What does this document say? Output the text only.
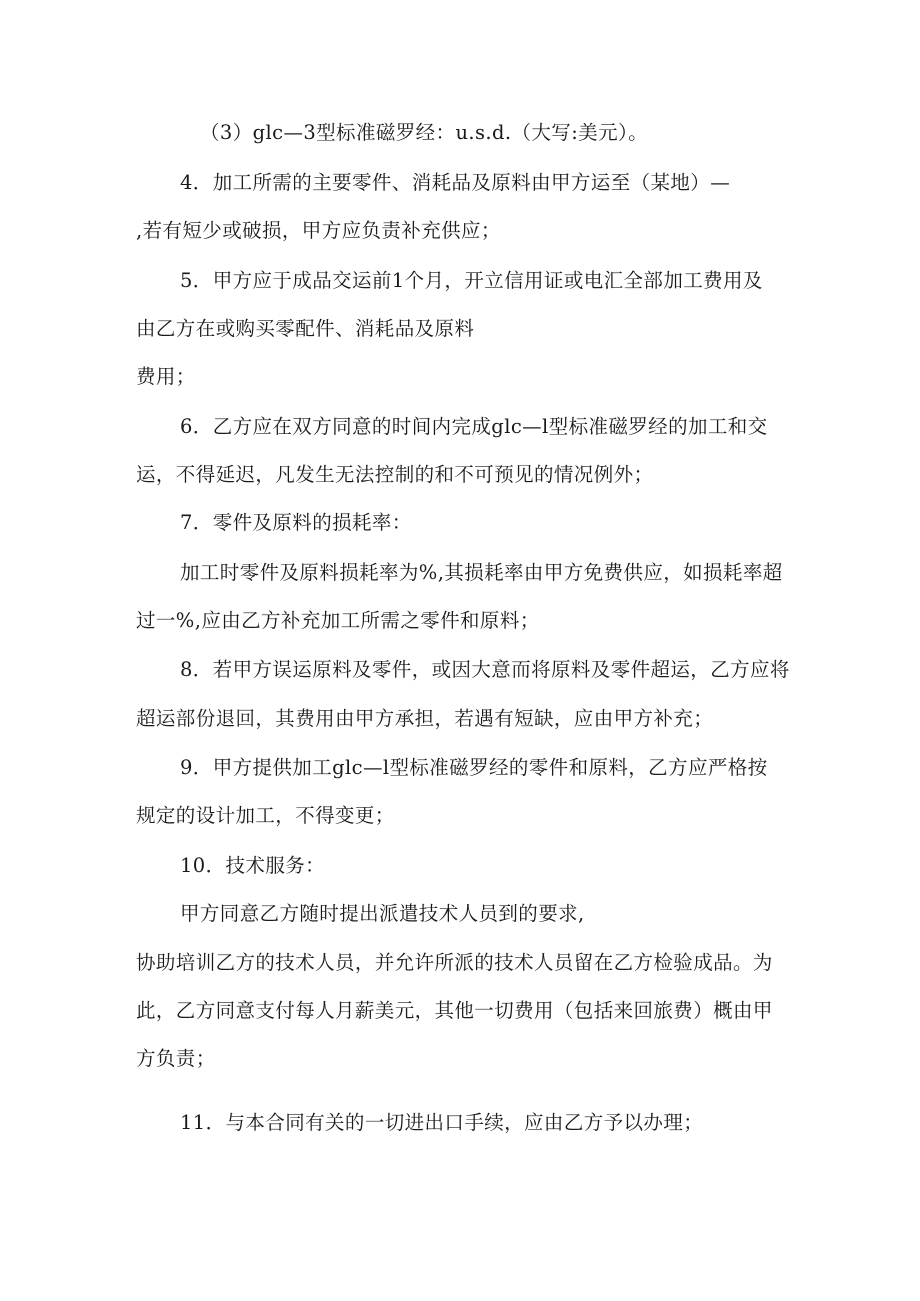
（3）glc—3型标准磁罗经：u.s.d.（大写:美元）。

4．加工所需的主要零件、消耗品及原料由甲方运至（某地）—

,若有短少或破损，甲方应负责补充供应；

5．甲方应于成品交运前1个月，开立信用证或电汇全部加工费用及

由乙方在或购买零配件、消耗品及原料

费用；

6．乙方应在双方同意的时间内完成glc—l型标准磁罗经的加工和交

运，不得延迟，凡发生无法控制的和不可预见的情况例外；

7．零件及原料的损耗率：

加工时零件及原料损耗率为%,其损耗率由甲方免费供应，如损耗率超

过一%,应由乙方补充加工所需之零件和原料；

8．若甲方误运原料及零件，或因大意而将原料及零件超运，乙方应将

超运部份退回，其费用由甲方承担，若遇有短缺，应由甲方补充；

9．甲方提供加工glc—l型标准磁罗经的零件和原料，乙方应严格按

规定的设计加工，不得变更；

10．技术服务：

甲方同意乙方随时提出派遣技术人员到的要求,

协助培训乙方的技术人员，并允许所派的技术人员留在乙方检验成品。为

此，乙方同意支付每人月薪美元，其他一切费用（包括来回旅费）概由甲

方负责；

11．与本合同有关的一切进出口手续，应由乙方予以办理；
